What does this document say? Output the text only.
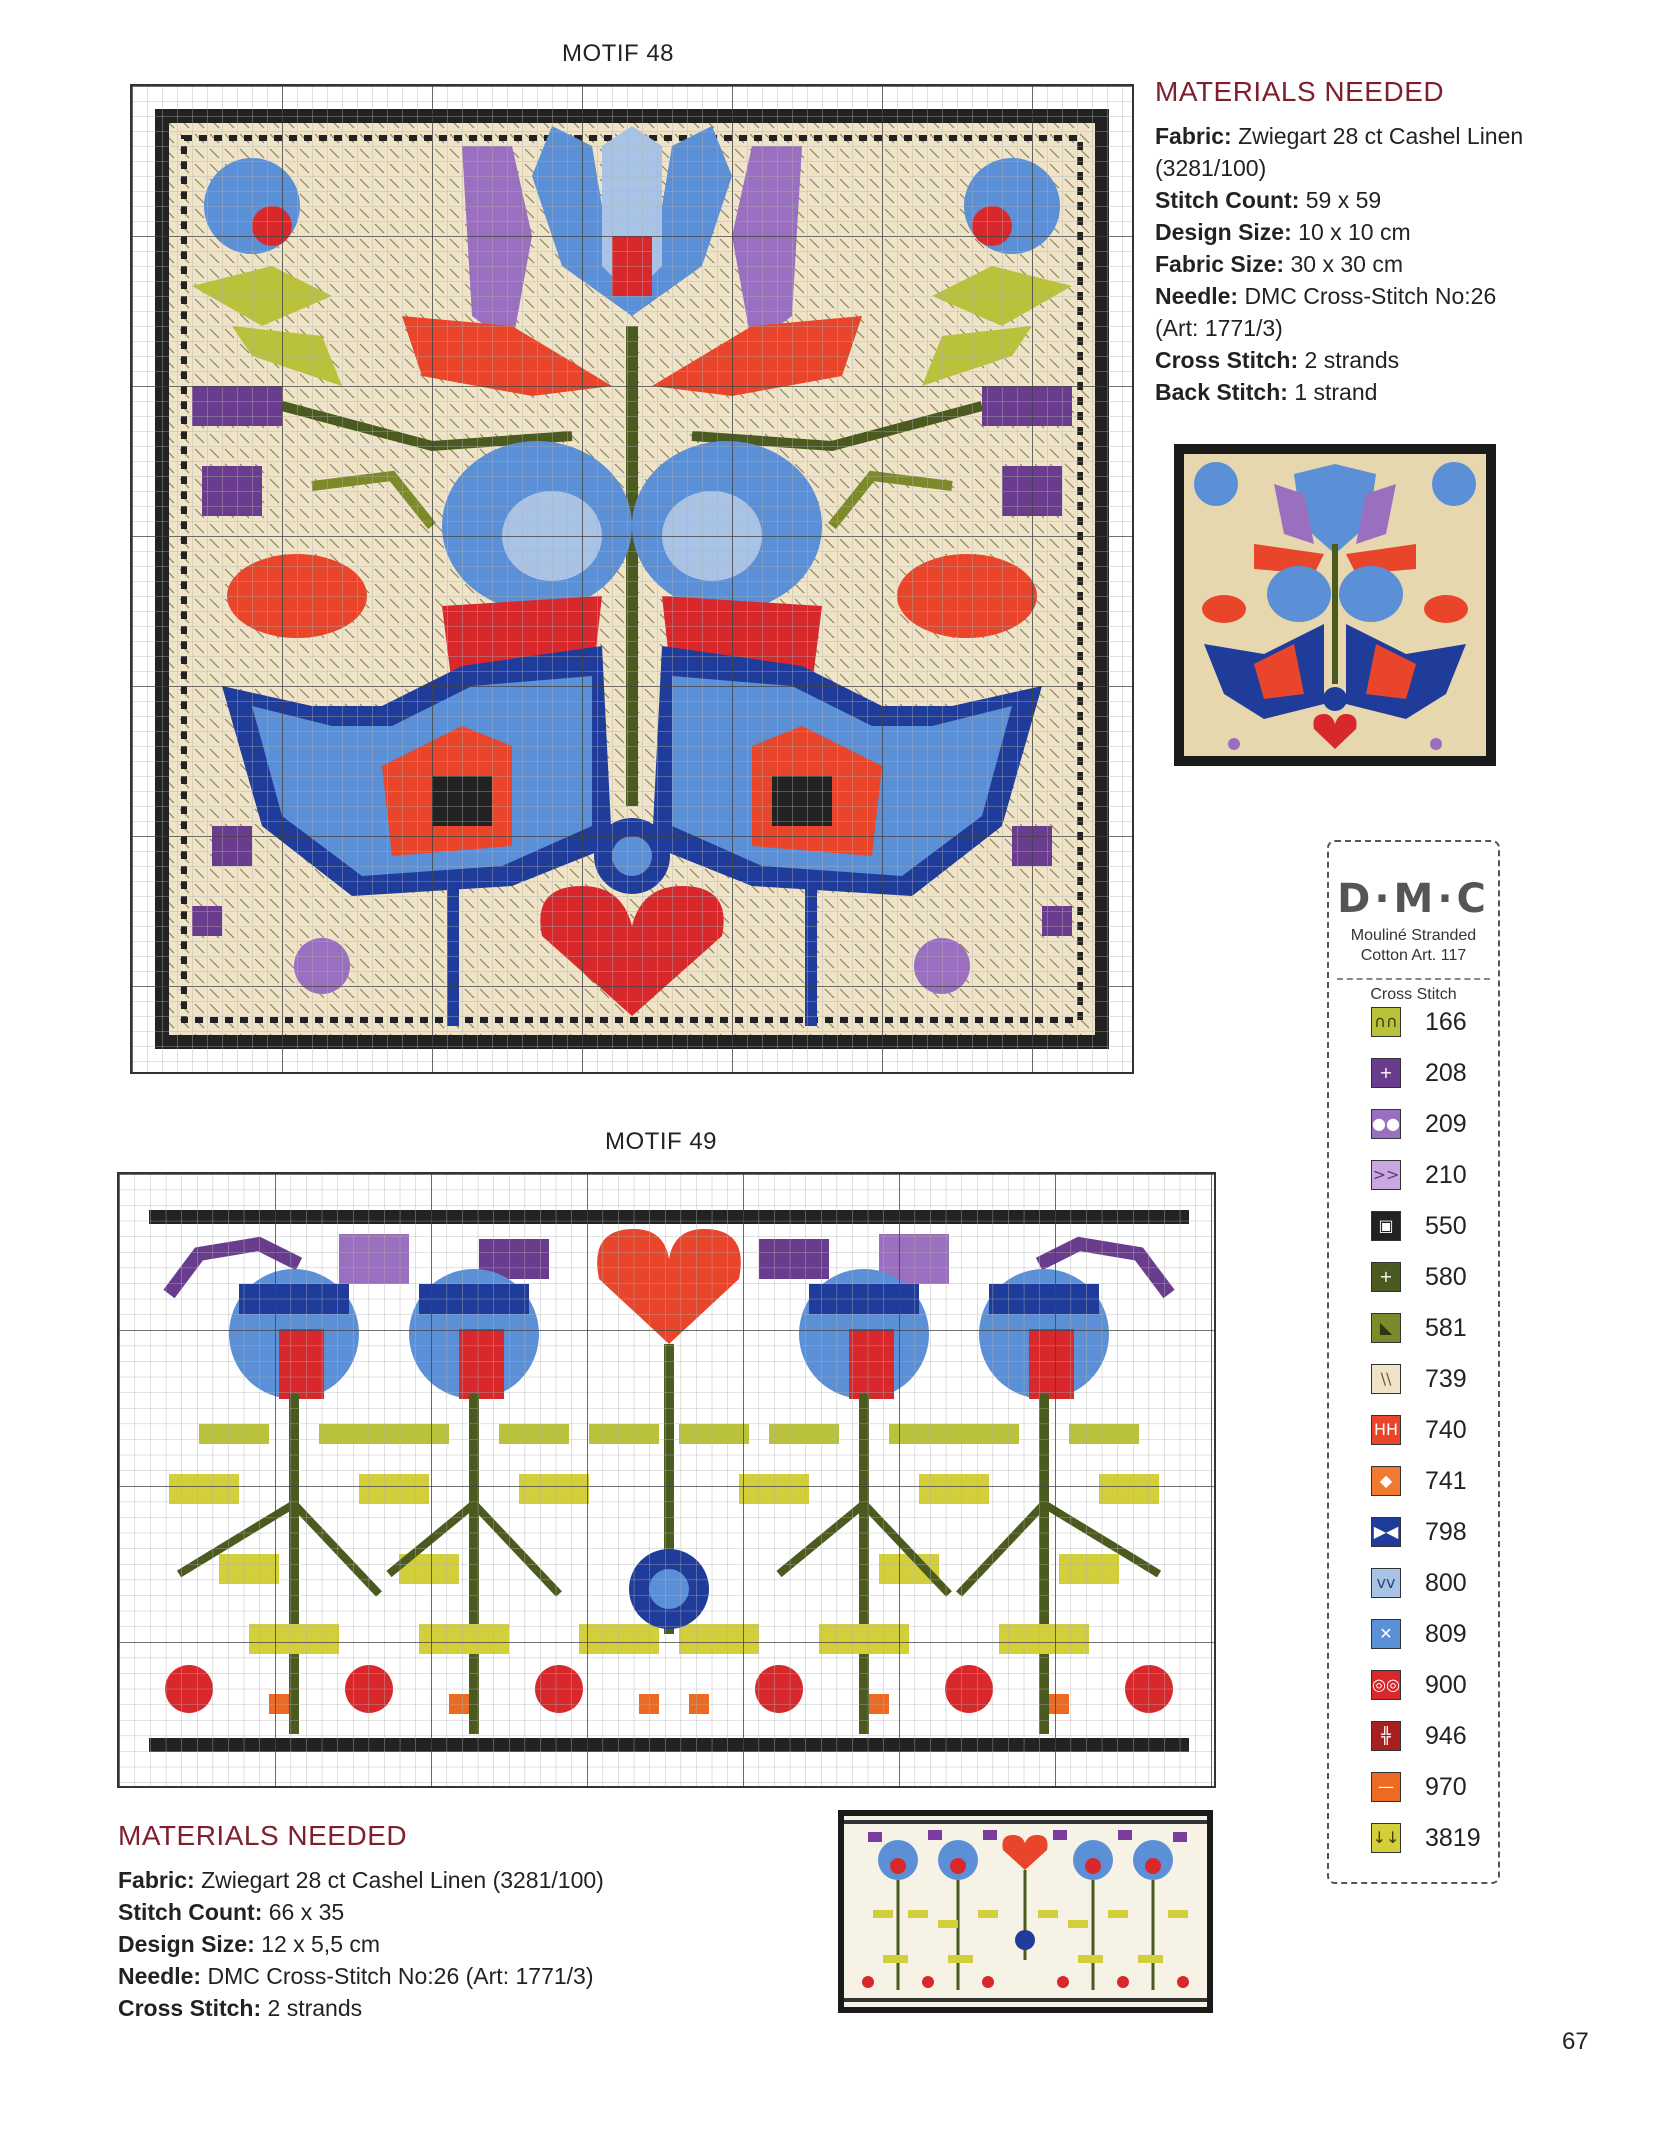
MOTIF 48
MATERIALS NEEDED
Fabric: Zwiegart 28 ct Cashel Linen
(3281/100)
Stitch Count: 59 x 59
Design Size: 10 x 10 cm
Fabric Size: 30 x 30 cm
Needle: DMC Cross-Stitch No:26
(Art: 1771/3)
Cross Stitch: 2 strands
Back Stitch: 1 strand
D·M·C
Mouliné Stranded
Cotton Art. 117
Cross Stitch
∩∩ 166
+ 208
●● 209
>> 210
▣ 550
+ 580
◣	581
\\	739
HH 740
◆	741
▶◀ 798
vv 800
✕ 809
◎◎ 900
╬	946
— 970
↓↓ 3819
MOTIF 49
MATERIALS NEEDED
Fabric: Zwiegart 28 ct Cashel Linen (3281/100)
Stitch Count: 66 x 35
Design Size: 12 x 5,5 cm
Needle: DMC Cross-Stitch No:26 (Art: 1771/3)
Cross Stitch: 2 strands
67
